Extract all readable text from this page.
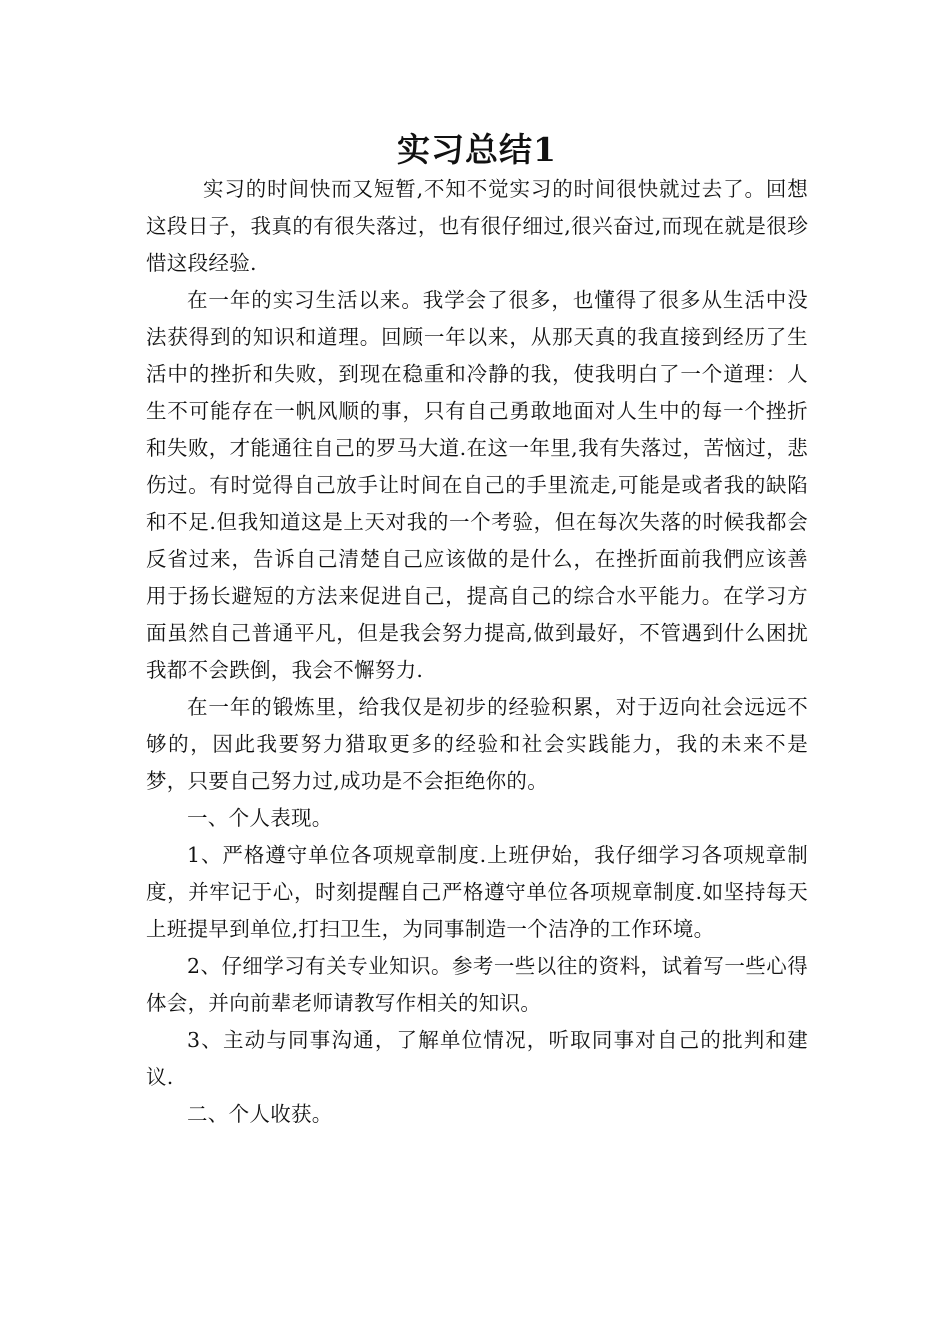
实习总结1

实习的时间快而又短暂,不知不觉实习的时间很快就过去了。回想这段日子，我真的有很失落过，也有很仔细过,很兴奋过,而现在就是很珍惜这段经验.

在一年的实习生活以来。我学会了很多，也懂得了很多从生活中没法获得到的知识和道理。回顾一年以来，从那天真的我直接到经历了生活中的挫折和失败，到现在稳重和冷静的我，使我明白了一个道理：人生不可能存在一帆风顺的事，只有自己勇敢地面对人生中的每一个挫折和失败，才能通往自己的罗马大道.在这一年里,我有失落过，苦恼过，悲伤过。有时觉得自己放手让时间在自己的手里流走,可能是或者我的缺陷和不足.但我知道这是上天对我的一个考验，但在每次失落的时候我都会反省过来，告诉自己清楚自己应该做的是什么，在挫折面前我們应该善用于扬长避短的方法来促进自己，提高自己的综合水平能力。在学习方面虽然自己普通平凡，但是我会努力提高,做到最好，不管遇到什么困扰我都不会跌倒，我会不懈努力.

在一年的锻炼里，给我仅是初步的经验积累，对于迈向社会远远不够的，因此我要努力猎取更多的经验和社会实践能力，我的未来不是梦，只要自己努力过,成功是不会拒绝你的。

一、个人表现。

1、严格遵守单位各项规章制度.上班伊始，我仔细学习各项规章制度，并牢记于心，时刻提醒自己严格遵守单位各项规章制度.如坚持每天上班提早到单位,打扫卫生，为同事制造一个洁净的工作环境。

2、仔细学习有关专业知识。参考一些以往的资料，试着写一些心得体会，并向前辈老师请教写作相关的知识。

3、主动与同事沟通，了解单位情况，听取同事对自己的批判和建议.

二、个人收获。
